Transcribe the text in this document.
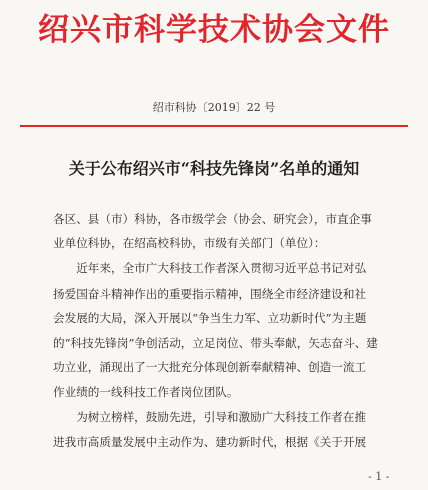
绍兴市科学技术协会文件
绍市科协〔2019〕22 号
关于公布绍兴市“科技先锋岗”名单的通知
各区、县（市）科协，各市级学会（协会、研究会），市直企事
业单位科协，在绍高校科协，市级有关部门（单位）：
　　近年来，全市广大科技工作者深入贯彻习近平总书记对弘
扬爱国奋斗精神作出的重要指示精神，围绕全市经济建设和社
会发展的大局，深入开展以“争当生力军、立功新时代”为主题
的“科技先锋岗”争创活动，立足岗位、带头奉献，矢志奋斗、建
功立业，涌现出了一大批充分体现创新奉献精神、创造一流工
作业绩的一线科技工作者岗位团队。
　　为树立榜样，鼓励先进，引导和激励广大科技工作者在推
进我市高质量发展中主动作为、建功新时代，根据《关于开展
- 1 -
